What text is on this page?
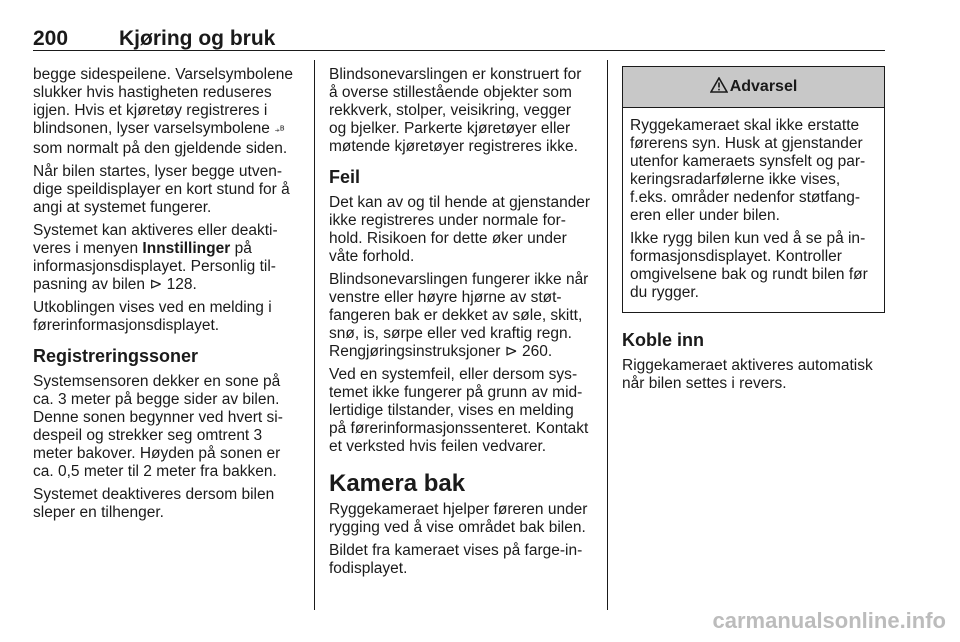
200 Kjøring og bruk

begge sidespeilene. Varselsymbolene slukker hvis hastigheten reduseres igjen. Hvis et kjøretøy registreres i blindsonen, lyser varselsymbolene ⍆ᴮ som normalt på den gjeldende siden.

Når bilen startes, lyser begge utvendige speildisplayer en kort stund for å angi at systemet fungerer.

Systemet kan aktiveres eller deaktiveres i menyen Innstillinger på informasjonsdisplayet. Personlig tilpasning av bilen ⊳ 128.

Utkoblingen vises ved en melding i førerinformasjonsdisplayet.

Registreringssoner

Systemsensoren dekker en sone på ca. 3 meter på begge sider av bilen. Denne sonen begynner ved hvert sidespeil og strekker seg omtrent 3 meter bakover. Høyden på sonen er ca. 0,5 meter til 2 meter fra bakken.

Systemet deaktiveres dersom bilen sleper en tilhenger.

Blindsonevarslingen er konstruert for å overse stillestående objekter som rekkverk, stolper, veisikring, vegger og bjelker. Parkerte kjøretøyer eller møtende kjøretøyer registreres ikke.

Feil

Det kan av og til hende at gjenstander ikke registreres under normale forhold. Risikoen for dette øker under våte forhold.

Blindsonevarslingen fungerer ikke når venstre eller høyre hjørne av støtfangeren bak er dekket av søle, skitt, snø, is, sørpe eller ved kraftig regn. Rengjøringsinstruksjoner ⊳ 260.

Ved en systemfeil, eller dersom systemet ikke fungerer på grunn av midlertidige tilstander, vises en melding på førerinformasjonssenteret. Kontakt et verksted hvis feilen vedvarer.

Kamera bak

Ryggekameraet hjelper føreren under rygging ved å vise området bak bilen.

Bildet fra kameraet vises på farge-infodisplayet.

Advarsel

Ryggekameraet skal ikke erstatte førerens syn. Husk at gjenstander utenfor kameraets synsfelt og parkeringsradarfølerne ikke vises, f.eks. områder nedenfor støtfangeren eller under bilen.

Ikke rygg bilen kun ved å se på informasjonsdisplayet. Kontroller omgivelsene bak og rundt bilen før du rygger.

Koble inn

Riggekameraet aktiveres automatisk når bilen settes i revers.

carmanualsonline.info
